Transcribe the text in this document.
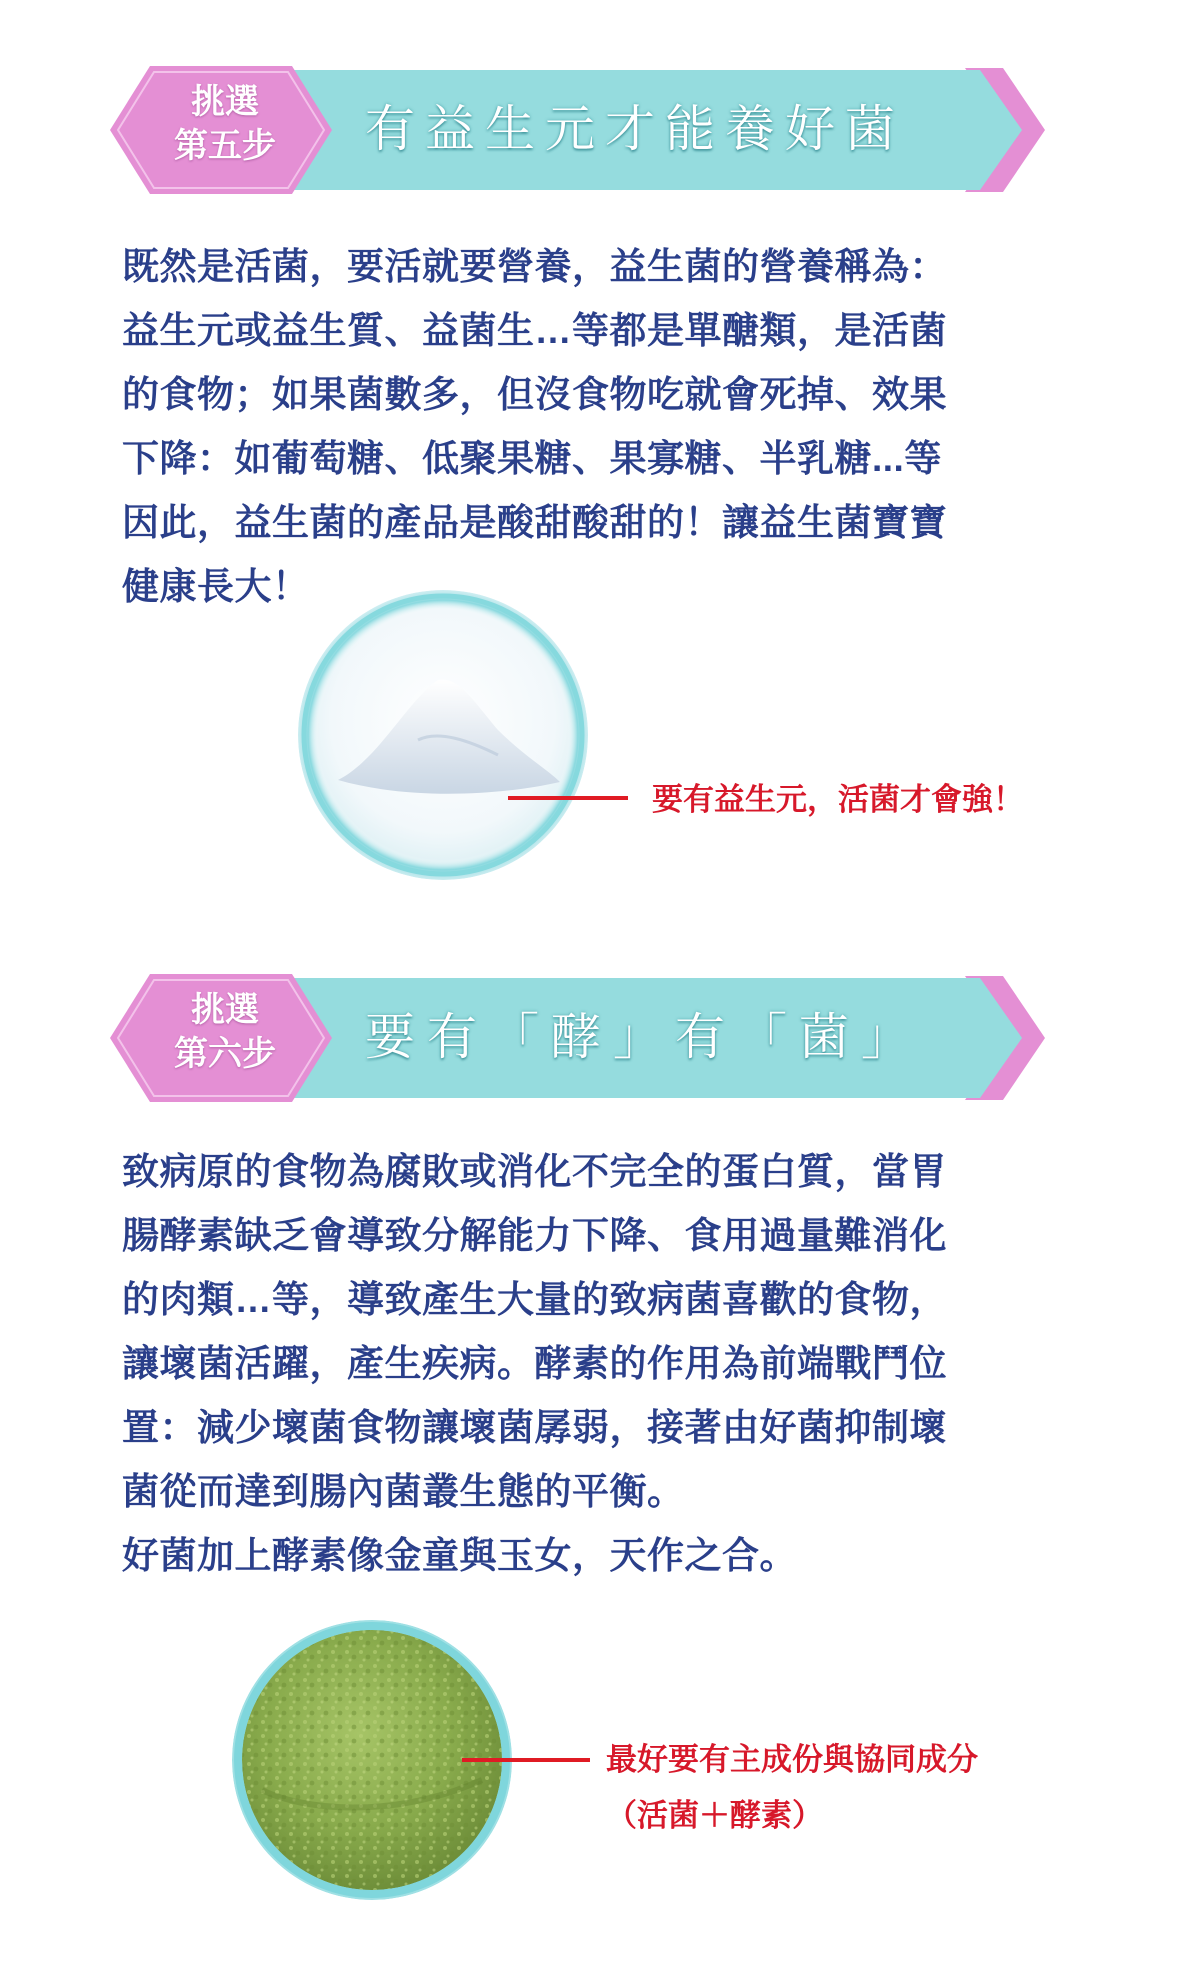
挑選
第五步	有益生元才能養好菌

既然是活菌，要活就要營養，益生菌的營養稱為：

益生元或益生質、益菌生…等都是單醣類，是活菌

的食物；如果菌數多，但沒食物吃就會死掉、效果

下降：如葡萄糖、低聚果糖、果寡糖、半乳糖...等

因此，益生菌的產品是酸甜酸甜的！讓益生菌寶寶

健康長大！

要有益生元，活菌才會強！
挑選
第六步	要有「酵」有「菌」

致病原的食物為腐敗或消化不完全的蛋白質，當胃

腸酵素缺乏會導致分解能力下降、食用過量難消化

的肉類…等，導致產生大量的致病菌喜歡的食物，

讓壞菌活躍，產生疾病。酵素的作用為前端戰鬥位

置：減少壞菌食物讓壞菌孱弱，接著由好菌抑制壞

菌從而達到腸內菌叢生態的平衡。

好菌加上酵素像金童與玉女，天作之合。

最好要有主成份與協同成分
（活菌＋酵素）
